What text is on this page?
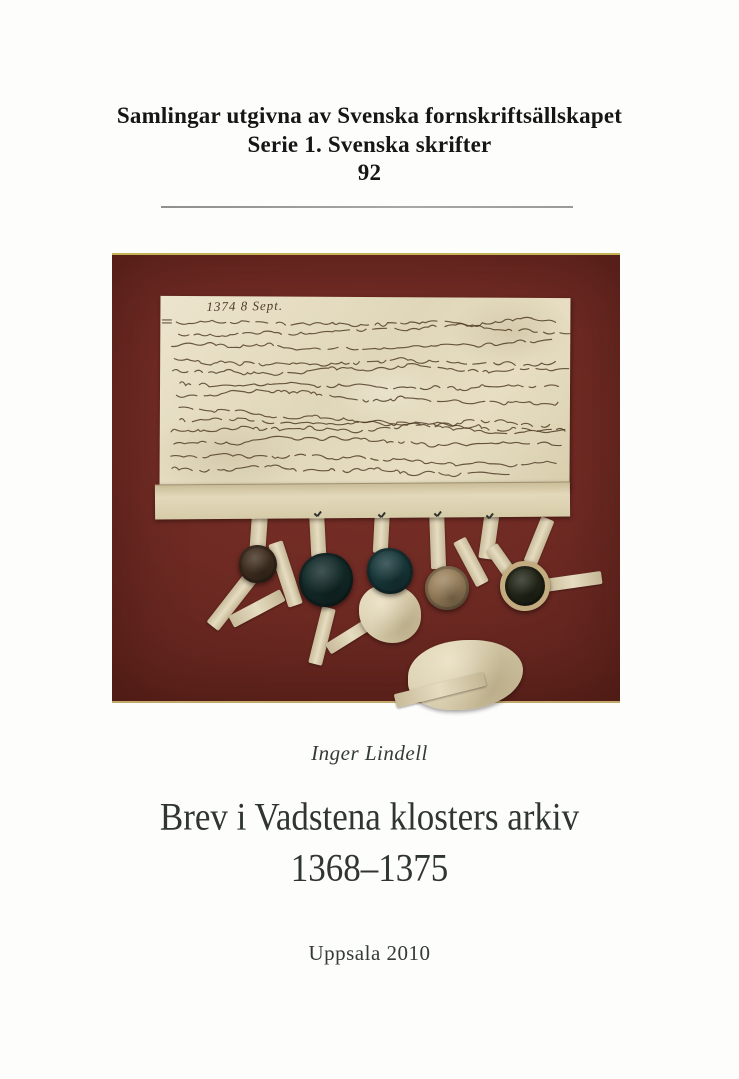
Samlingar utgivna av Svenska fornskriftsällskapet
Serie 1. Svenska skrifter
92
1374 8 Sept.
Inger Lindell
Brev i Vadstena klosters arkiv
1368–1375
Uppsala 2010
